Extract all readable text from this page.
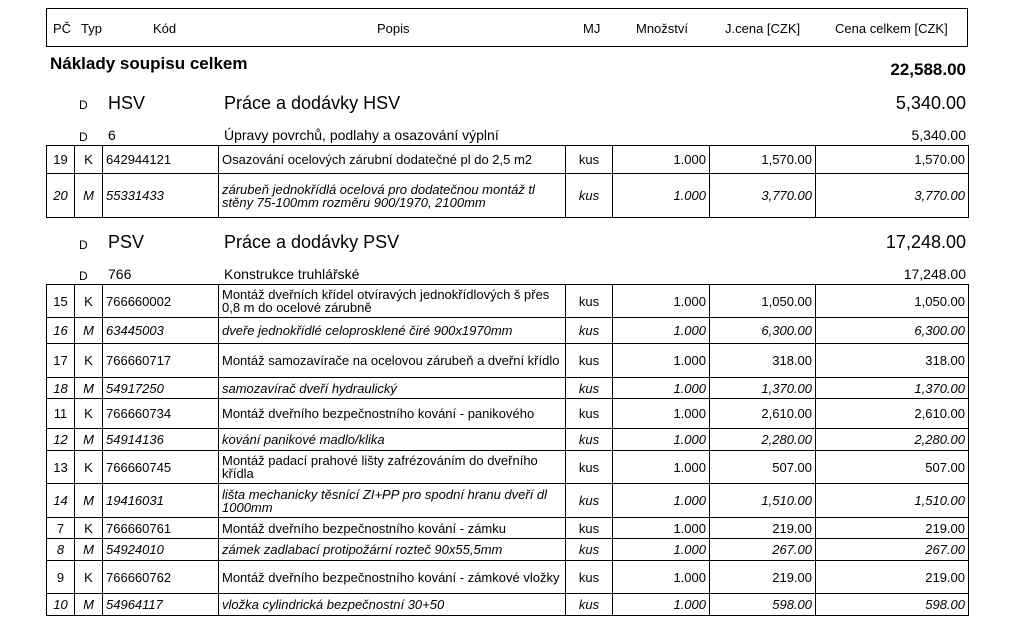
PČ Typ	Kód	Popis	MJ	Množství	J.cena [CZK]	Cena celkem [CZK]
Náklady soupisu celkem	22,588.00
D HSV	Práce a dodávky HSV	5,340.00
D 6	Úpravy povrchů, podlahy a osazování výplní	5,340.00
19	K	642944121	Osazování ocelových zárubní dodatečné pl do 2,5 m2	kus	1.000	1,570.00	1,570.00
20	M	55331433	zárubeň jednokřídlá ocelová pro dodatečnou montáž tl stěny 75-100mm rozměru 900/1970, 2100mm	kus	1.000	3,770.00	3,770.00
D PSV	Práce a dodávky PSV	17,248.00
D 766	Konstrukce truhlářské	17,248.00
15	K	766660002	Montáž dveřních křídel otvíravých jednokřídlových š přes 0,8 m do ocelové zárubně	kus	1.000	1,050.00	1,050.00
16	M	63445003	dveře jednokřídlé celoprosklené čiré 900x1970mm	kus	1.000	6,300.00	6,300.00
17	K	766660717	Montáž samozavírače na ocelovou zárubeň a dveřní křídlo	kus	1.000	318.00	318.00
18	M	54917250	samozavírač dveří hydraulický	kus	1.000	1,370.00	1,370.00
11	K	766660734	Montáž dveřního bezpečnostního kování - panikového	kus	1.000	2,610.00	2,610.00
12	M	54914136	kování panikové madlo/klika	kus	1.000	2,280.00	2,280.00
13	K	766660745	Montáž padací prahové lišty zafrézováním do dveřního křídla	kus	1.000	507.00	507.00
14	M	19416031	lišta mechanicky těsnící ZI+PP pro spodní hranu dveří dl 1000mm	kus	1.000	1,510.00	1,510.00
7	K	766660761	Montáž dveřního bezpečnostního kování - zámku	kus	1.000	219.00	219.00
8	M	54924010	zámek zadlabací protipožární rozteč 90x55,5mm	kus	1.000	267.00	267.00
9	K	766660762	Montáž dveřního bezpečnostního kování - zámkové vložky	kus	1.000	219.00	219.00
10	M	54964117	vložka cylindrická bezpečnostní 30+50	kus	1.000	598.00	598.00
